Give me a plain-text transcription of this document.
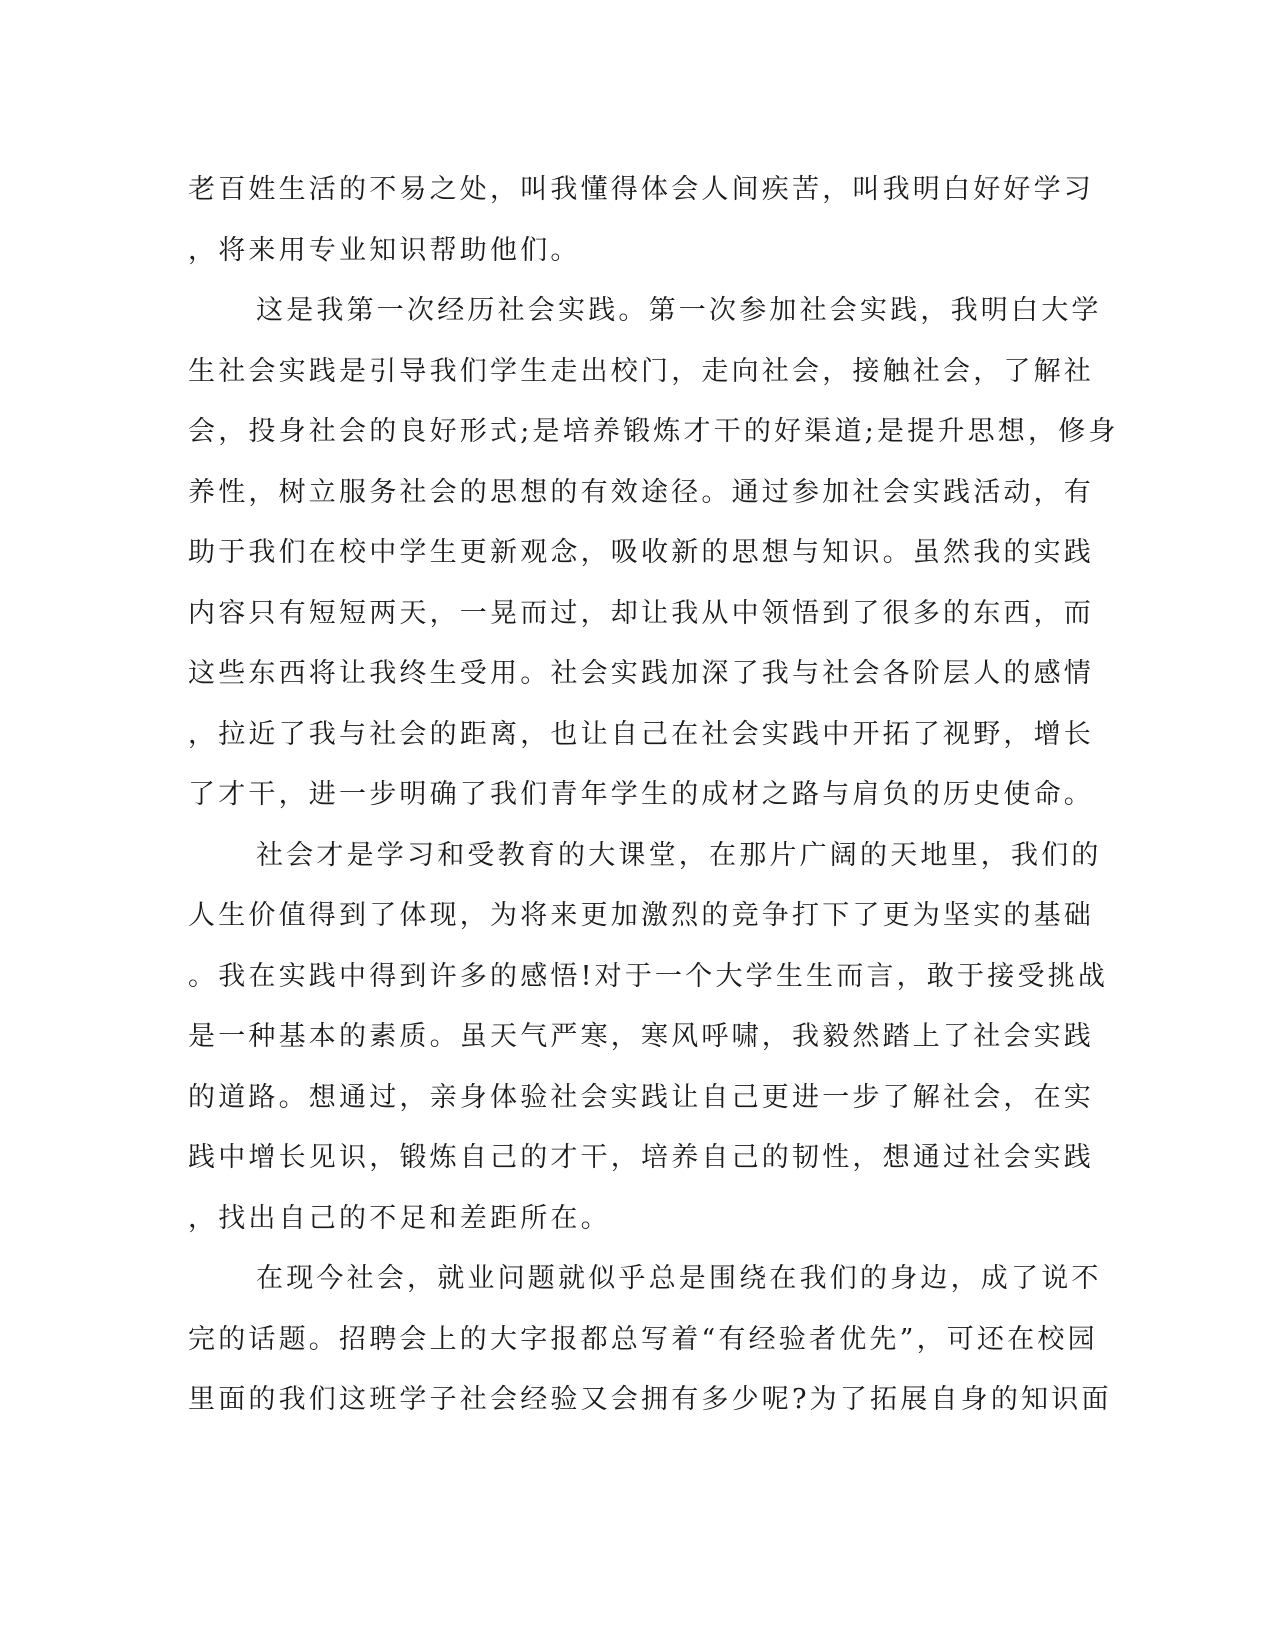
老百姓生活的不易之处，叫我懂得体会人间疾苦，叫我明白好好学习
，将来用专业知识帮助他们。
这是我第一次经历社会实践。第一次参加社会实践，我明白大学
生社会实践是引导我们学生走出校门，走向社会，接触社会，了解社
会，投身社会的良好形式;是培养锻炼才干的好渠道;是提升思想，修身
养性，树立服务社会的思想的有效途径。通过参加社会实践活动，有
助于我们在校中学生更新观念，吸收新的思想与知识。虽然我的实践
内容只有短短两天，一晃而过，却让我从中领悟到了很多的东西，而
这些东西将让我终生受用。社会实践加深了我与社会各阶层人的感情
，拉近了我与社会的距离，也让自己在社会实践中开拓了视野，增长
了才干，进一步明确了我们青年学生的成材之路与肩负的历史使命。
社会才是学习和受教育的大课堂，在那片广阔的天地里，我们的
人生价值得到了体现，为将来更加激烈的竞争打下了更为坚实的基础
。我在实践中得到许多的感悟!对于一个大学生生而言，敢于接受挑战
是一种基本的素质。虽天气严寒，寒风呼啸，我毅然踏上了社会实践
的道路。想通过，亲身体验社会实践让自己更进一步了解社会，在实
践中增长见识，锻炼自己的才干，培养自己的韧性，想通过社会实践
，找出自己的不足和差距所在。
在现今社会，就业问题就似乎总是围绕在我们的身边，成了说不
完的话题。招聘会上的大字报都总写着“有经验者优先”，可还在校园
里面的我们这班学子社会经验又会拥有多少呢?为了拓展自身的知识面
